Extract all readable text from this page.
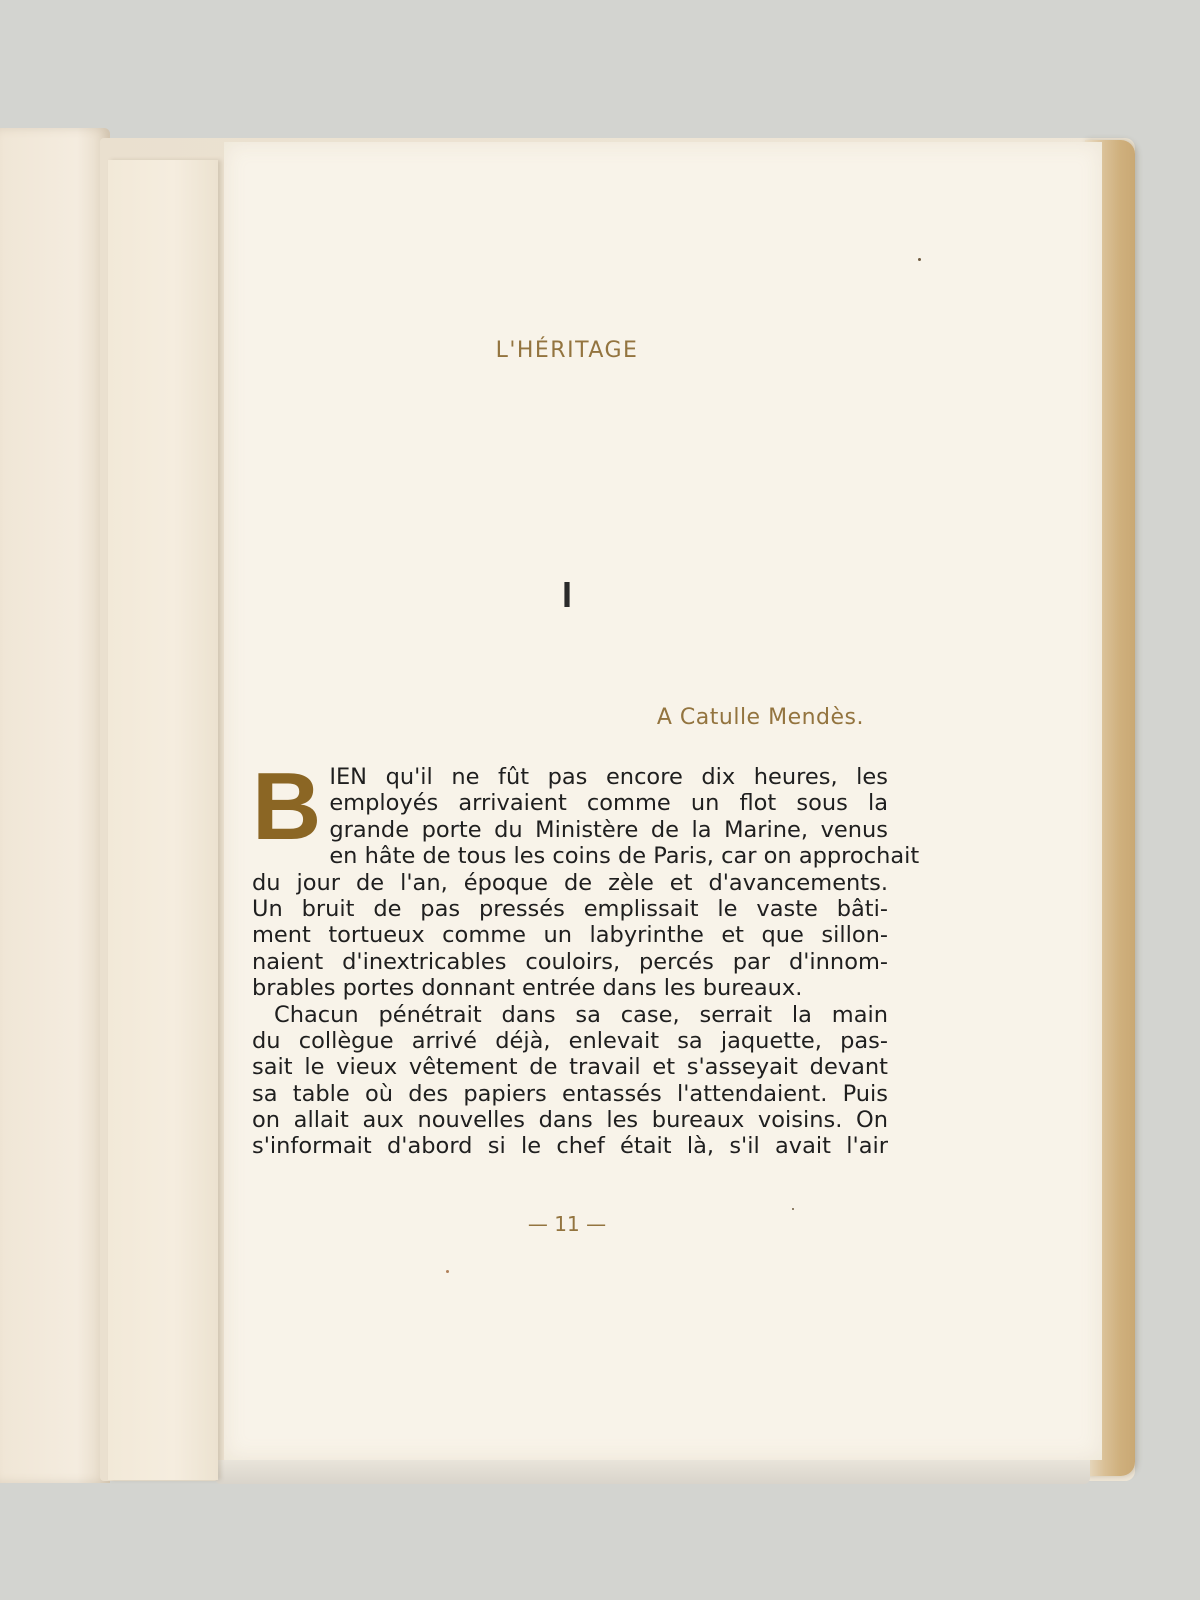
L'HÉRITAGE
I
A Catulle Mendès.
B IEN qu'il ne fût pas encore dix heures, les
employés arrivaient comme un flot sous la
grande porte du Ministère de la Marine, venus
en hâte de tous les coins de Paris, car on approchait
du jour de l'an, époque de zèle et d'avancements.
Un bruit de pas pressés emplissait le vaste bâti-
ment tortueux comme un labyrinthe et que sillon-
naient d'inextricables couloirs, percés par d'innom-
brables portes donnant entrée dans les bureaux.
Chacun pénétrait dans sa case, serrait la main
du collègue arrivé déjà, enlevait sa jaquette, pas-
sait le vieux vêtement de travail et s'asseyait devant
sa table où des papiers entassés l'attendaient. Puis
on allait aux nouvelles dans les bureaux voisins. On
s'informait d'abord si le chef était là, s'il avait l'air
— 11 —
